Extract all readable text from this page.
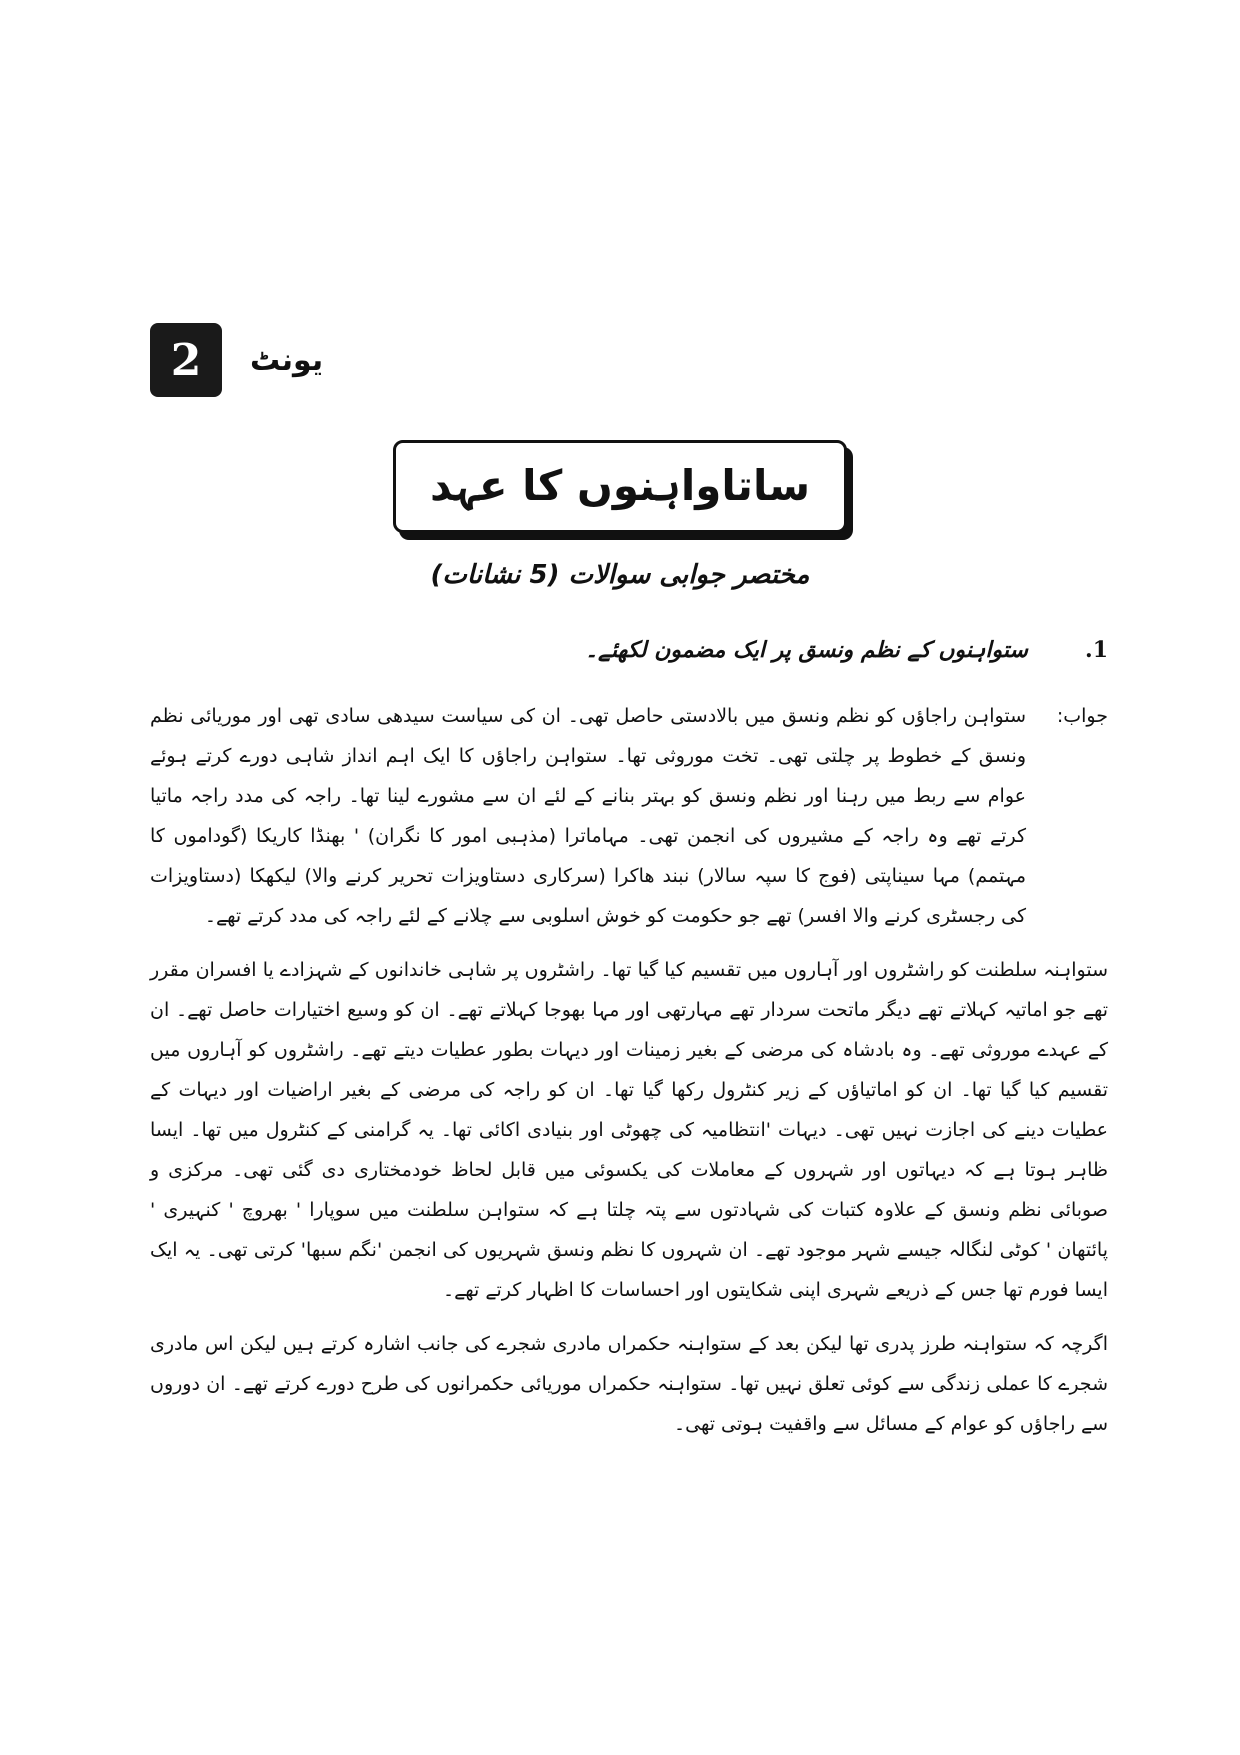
2	یونٹ
ساتاواہنوں کا عہد
مختصر جوابی سوالات (5 نشانات)
1.
ستواہنوں کے نظم ونسق پر ایک مضمون لکھئے۔
جواب:

ستواہن راجاؤں کو نظم ونسق میں بالادستی حاصل تھی۔ ان کی سیاست سیدھی سادی تھی اور موریائی نظم ونسق کے خطوط پر چلتی تھی۔ تخت موروثی تھا۔ ستواہن راجاؤں کا ایک اہم انداز شاہی دورے کرتے ہوئے عوام سے ربط میں رہنا اور نظم ونسق کو بہتر بنانے کے لئے ان سے مشورے لینا تھا۔ راجہ کی مدد راجہ ماتیا کرتے تھے وہ راجہ کے مشیروں کی انجمن تھی۔ مہاماترا (مذہبی امور کا نگران) ' بھنڈا کاریکا (گوداموں کا مہتمم) مہا سیناپتی (فوج کا سپہ سالار) نبند ھاکرا (سرکاری دستاویزات تحریر کرنے والا) لیکھکا (دستاویزات کی رجسٹری کرنے والا افسر) تھے جو حکومت کو خوش اسلوبی سے چلانے کے لئے راجہ کی مدد کرتے تھے۔

ستواہنہ سلطنت کو راشٹروں اور آہاروں میں تقسیم کیا گیا تھا۔ راشٹروں پر شاہی خاندانوں کے شہزادے یا افسران مقرر تھے جو اماتیہ کہلاتے تھے دیگر ماتحت سردار تھے مہارتھی اور مہا بھوجا کہلاتے تھے۔ ان کو وسیع اختیارات حاصل تھے۔ ان کے عہدے موروثی تھے۔ وہ بادشاہ کی مرضی کے بغیر زمینات اور دیہات بطور عطیات دیتے تھے۔ راشٹروں کو آہاروں میں تقسیم کیا گیا تھا۔ ان کو اماتیاؤں کے زیر کنٹرول رکھا گیا تھا۔ ان کو راجہ کی مرضی کے بغیر اراضیات اور دیہات کے عطیات دینے کی اجازت نہیں تھی۔ دیہات 'انتظامیہ کی چھوٹی اور بنیادی اکائی تھا۔ یہ گرامنی کے کنٹرول میں تھا۔ ایسا ظاہر ہوتا ہے کہ دیہاتوں اور شہروں کے معاملات کی یکسوئی میں قابل لحاظ خودمختاری دی گئی تھی۔ مرکزی و صوبائی نظم ونسق کے علاوہ کتبات کی شہادتوں سے پتہ چلتا ہے کہ ستواہن سلطنت میں سوپارا ' بھروچ ' کنہیری ' پائتھان ' کوٹی لنگالہ جیسے شہر موجود تھے۔ ان شہروں کا نظم ونسق شہریوں کی انجمن 'نگم سبھا' کرتی تھی۔ یہ ایک ایسا فورم تھا جس کے ذریعے شہری اپنی شکایتوں اور احساسات کا اظہار کرتے تھے۔

اگرچہ کہ ستواہنہ طرز پدری تھا لیکن بعد کے ستواہنہ حکمراں مادری شجرے کی جانب اشارہ کرتے ہیں لیکن اس مادری شجرے کا عملی زندگی سے کوئی تعلق نہیں تھا۔ ستواہنہ حکمراں موریائی حکمرانوں کی طرح دورے کرتے تھے۔ ان دوروں سے راجاؤں کو عوام کے مسائل سے واقفیت ہوتی تھی۔
